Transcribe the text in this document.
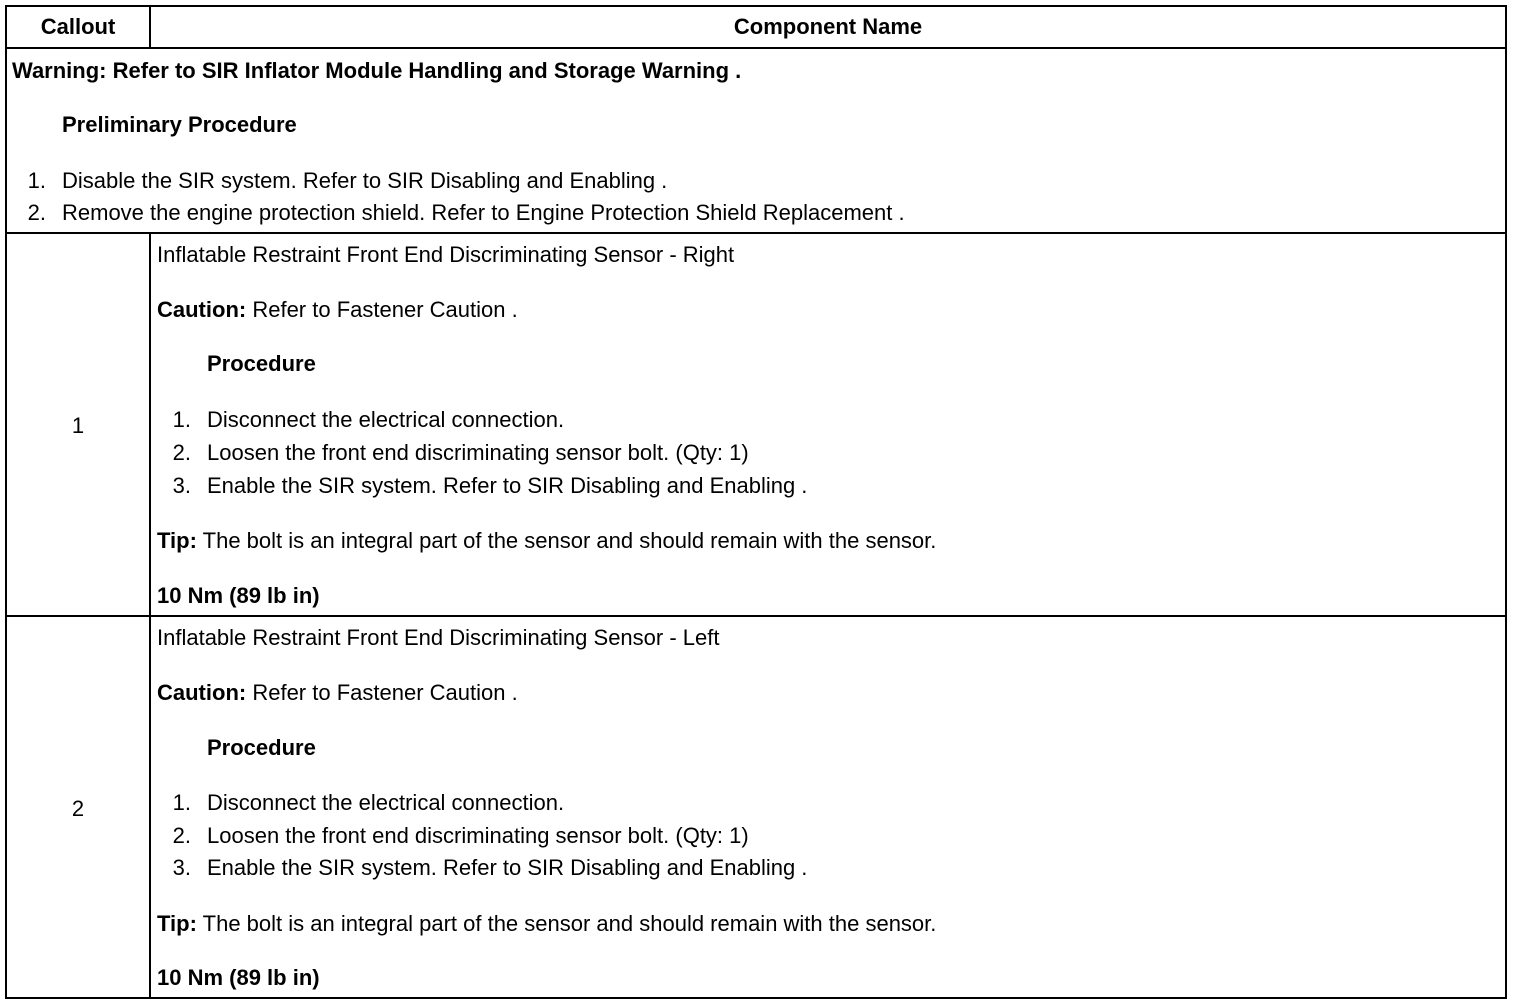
Callout	Component Name
Warning: Refer to SIR Inflator Module Handling and Storage Warning .
Preliminary Procedure
1. Disable the SIR system. Refer to SIR Disabling and Enabling .
2. Remove the engine protection shield. Refer to Engine Protection Shield Replacement .
1
Inflatable Restraint Front End Discriminating Sensor - Right
Caution: Refer to Fastener Caution .
Procedure
1. Disconnect the electrical connection.
2. Loosen the front end discriminating sensor bolt. (Qty: 1)
3. Enable the SIR system. Refer to SIR Disabling and Enabling .
Tip: The bolt is an integral part of the sensor and should remain with the sensor.
10 Nm (89 lb in)
2
Inflatable Restraint Front End Discriminating Sensor - Left
Caution: Refer to Fastener Caution .
Procedure
1. Disconnect the electrical connection.
2. Loosen the front end discriminating sensor bolt. (Qty: 1)
3. Enable the SIR system. Refer to SIR Disabling and Enabling .
Tip: The bolt is an integral part of the sensor and should remain with the sensor.
10 Nm (89 lb in)
